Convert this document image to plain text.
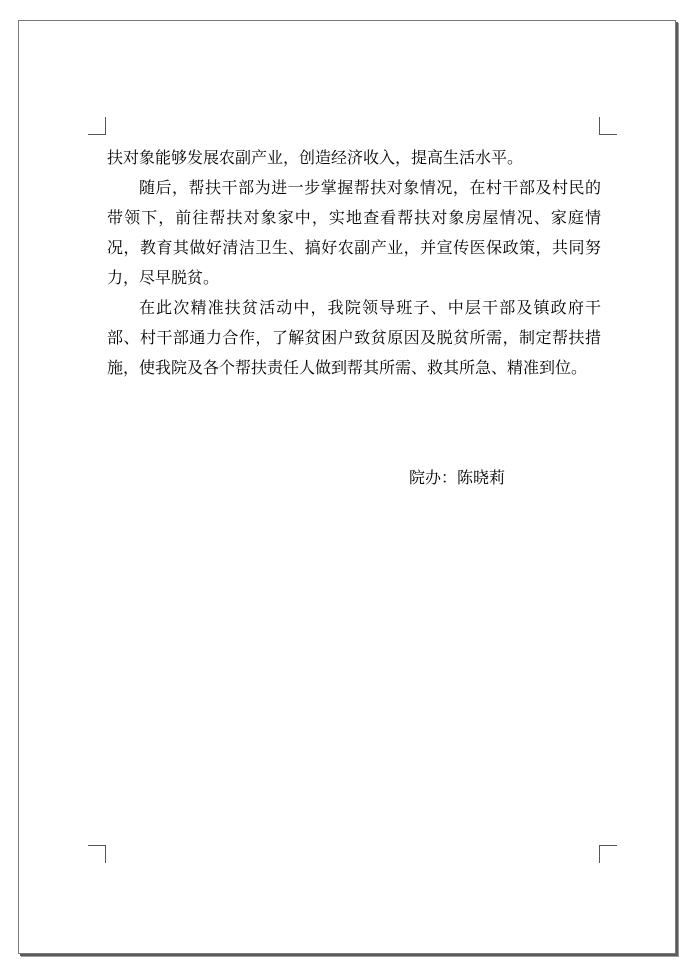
扶对象能够发展农副产业，创造经济收入，提高生活水平。

随后，帮扶干部为进一步掌握帮扶对象情况，在村干部及村民的带领下，前往帮扶对象家中，实地查看帮扶对象房屋情况、家庭情况，教育其做好清洁卫生、搞好农副产业，并宣传医保政策，共同努力，尽早脱贫。

在此次精准扶贫活动中，我院领导班子、中层干部及镇政府干部、村干部通力合作，了解贫困户致贫原因及脱贫所需，制定帮扶措施，使我院及各个帮扶责任人做到帮其所需、救其所急、精准到位。

院办：陈晓莉
